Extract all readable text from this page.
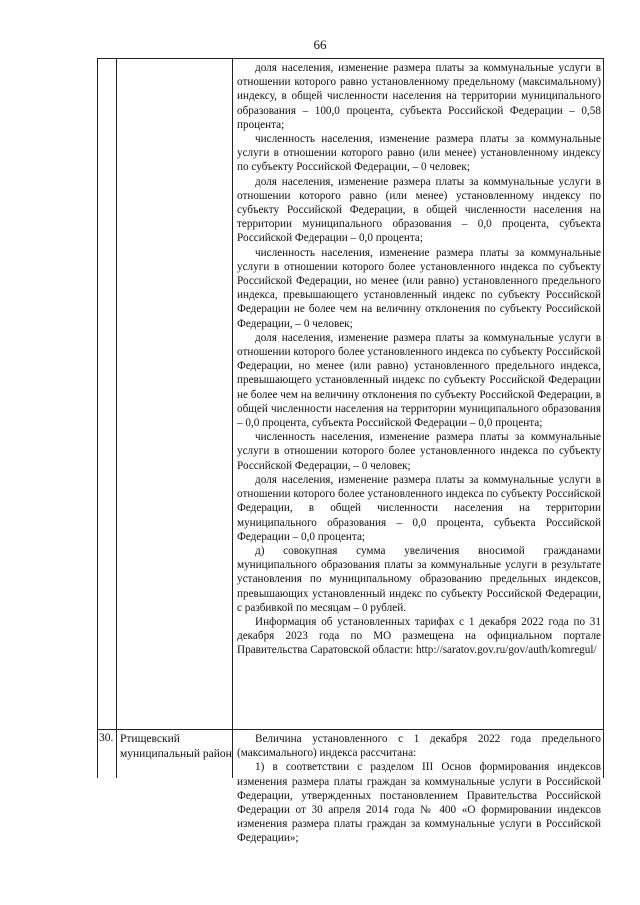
66

доля населения, изменение размера платы за коммунальные услуги в отношении которого равно установленному предельному (максимальному) индексу, в общей численности населения на территории муниципального образования – 100,0 процента, субъекта Российской Федерации – 0,58 процента;

численность населения, изменение размера платы за коммунальные услуги в отношении которого равно (или менее) установленному индексу по субъекту Российской Федерации, – 0 человек;

доля населения, изменение размера платы за коммунальные услуги в отношении которого равно (или менее) установленному индексу по субъекту Российской Федерации, в общей численности населения на территории муниципального образования – 0,0 процента, субъекта Российской Федерации – 0,0 процента;

численность населения, изменение размера платы за коммунальные услуги в отношении которого более установленного индекса по субъекту Российской Федерации, но менее (или равно) установленного предельного индекса, превышающего установленный индекс по субъекту Российской Федерации не более чем на величину отклонения по субъекту Российской Федерации, – 0 человек;

доля населения, изменение размера платы за коммунальные услуги в отношении которого более установленного индекса по субъекту Российской Федерации, но менее (или равно) установленного предельного индекса, превышающего установленный индекс по субъекту Российской Федерации не более чем на величину отклонения по субъекту Российской Федерации, в общей численности населения на территории муниципального образования – 0,0 процента, субъекта Российской Федерации – 0,0 процента;

численность населения, изменение размера платы за коммунальные услуги в отношении которого более установленного индекса по субъекту Российской Федерации, – 0 человек;

доля населения, изменение размера платы за коммунальные услуги в отношении которого более установленного индекса по субъекту Российской Федерации, в общей численности населения на территории муниципального образования – 0,0 процента, субъекта Российской Федерации – 0,0 процента;

д) совокупная сумма увеличения вносимой гражданами муниципального образования платы за коммунальные услуги в результате установления по муниципальному образованию предельных индексов, превышающих установленный индекс по субъекту Российской Федерации, с разбивкой по месяцам – 0 рублей.

Информация об установленных тарифах с 1 декабря 2022 года по 31 декабря 2023 года по МО размещена на официальном портале Правительства Саратовской области: http://saratov.gov.ru/gov/auth/komregul/

Величина установленного с 1 декабря 2022 года предельного (максимального) индекса рассчитана:

1) в соответствии с разделом III Основ формирования индексов изменения размера платы граждан за коммунальные услуги в Российской Федерации, утвержденных постановлением Правительства Российской Федерации от 30 апреля 2014 года № 400 «О формировании индексов изменения размера платы граждан за коммунальные услуги в Российской Федерации»;

30. Ртищевский муниципальный район
